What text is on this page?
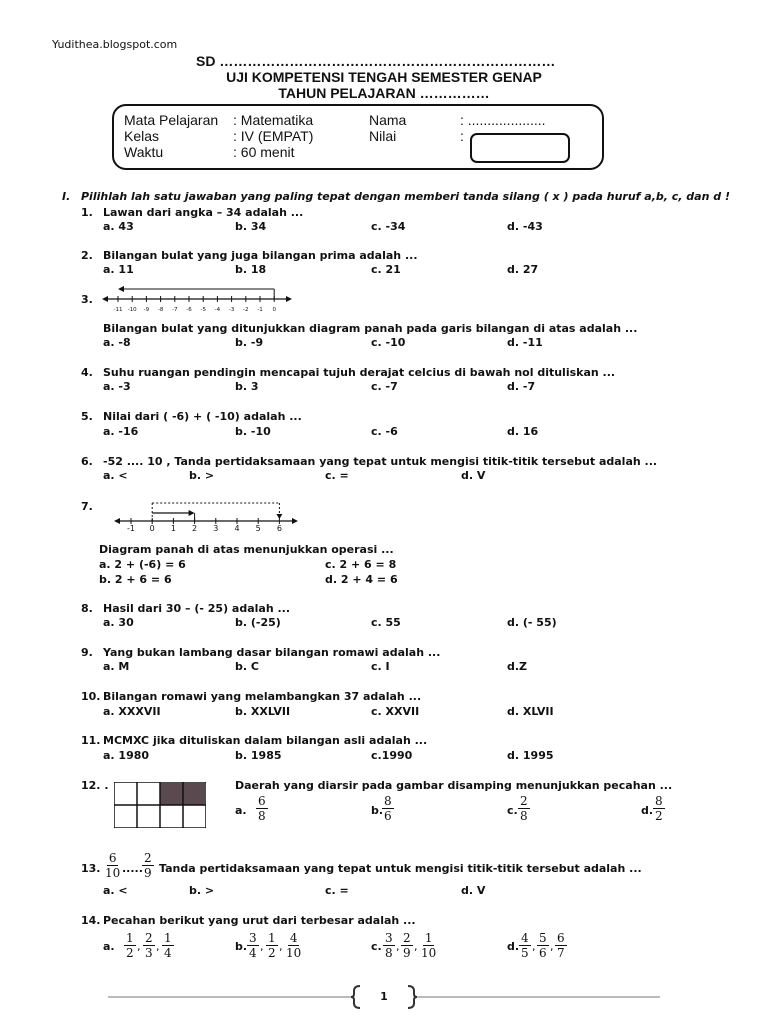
Yudithea.blogspot.com
SD ………………………………………………………………
UJI KOMPETENSI TENGAH SEMESTER GENAP
TAHUN PELAJARAN ……………
Mata Pelajaran : Matematika
Kelas	: IV (EMPAT)
Waktu	: 60 menit
Nama	: ....................
Nilai	:
I. Pilihlah lah satu jawaban yang paling tepat dengan memberi tanda silang ( x ) pada huruf a,b, c, dan d !
1. Lawan dari angka – 34 adalah ...
a. 43	b. 34	c. -34	d. -43
2. Bilangan bulat yang juga bilangan prima adalah ...
a. 11	b. 18	c. 21	d. 27
3.
-11 -10 -9 -8 -7 -6 -5 -4 -3 -2 -1 0
Bilangan bulat yang ditunjukkan diagram panah pada garis bilangan di atas adalah ...
a. -8	b. -9	c. -10	d. -11
4. Suhu ruangan pendingin mencapai tujuh derajat celcius di bawah nol dituliskan ...
a. -3	b. 3	c. -7	d. -7
5. Nilai dari ( -6) + ( -10) adalah ...
a. -16	b. -10	c. -6	d. 16
6. -52 .... 10 , Tanda pertidaksamaan yang tepat untuk mengisi titik-titik tersebut adalah ...
a. <	b. >	c. =	d. V
7.
-1 0 1 2 3 4 5 6
Diagram panah di atas menunjukkan operasi ...
a. 2 + (-6) = 6
b. 2 + 6 = 6
c. 2 + 6 = 8
d. 2 + 4 = 6
8. Hasil dari 30 – (- 25) adalah ...
a. 30	b. (-25)	c. 55	d. (- 55)
9. Yang bukan lambang dasar bilangan romawi adalah ...
a. M	b. C	c. I	d.Z
10. Bilangan romawi yang melambangkan 37 adalah ...
a. XXXVII	b. XXLVII	c. XXVII	d. XLVII
11. MCMXC jika dituliskan dalam bilangan asli adalah ...
a. 1980	b. 1985	c.1990	d. 1995
12. .	Daerah yang diarsir pada gambar disamping menunjukkan pecahan ...
a.
6
8	b.
8
6	c.
2
8	d.
8
2
13.
6
10 .....
2
9 Tanda pertidaksamaan yang tepat untuk mengisi titik-titik tersebut adalah ...
a. <	b. >	c. =	d. V
14. Pecahan berikut yang urut dari terbesar adalah ...
a.
1
2 ,
2
3 ,
1
4	b.
3
4 ,
1
2 ,
4
10	c.
3
8 ,
2
9 ,
1
10	d.
4
5 ,
5
6 ,
6
7
1
